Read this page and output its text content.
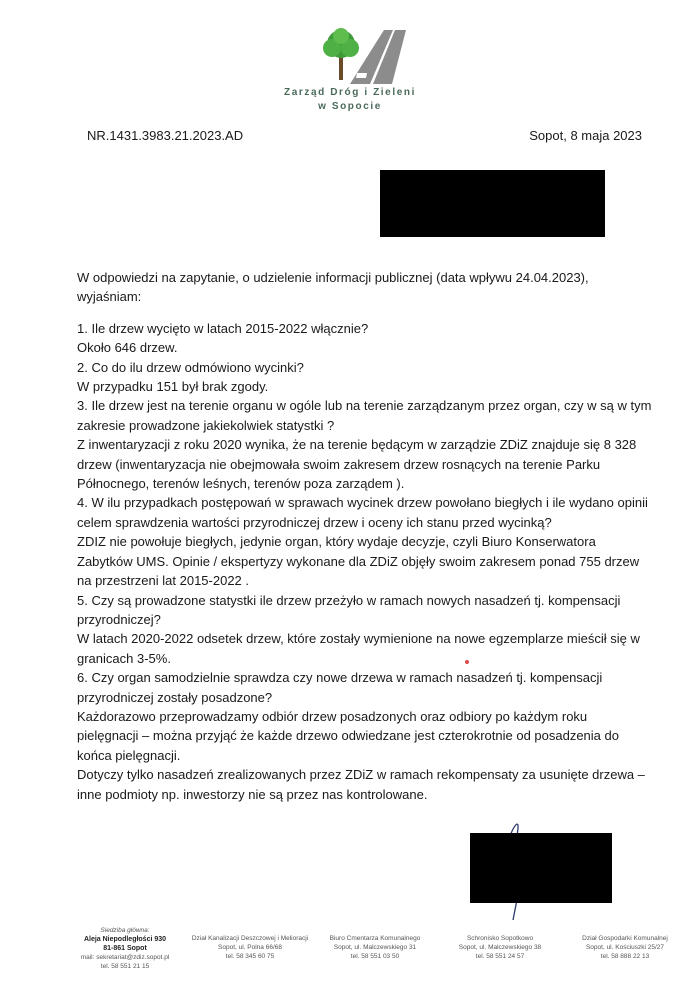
Zarząd Dróg i Zieleni
w Sopocie
NR.1431.3983.21.2023.AD	Sopot, 8 maja 2023

W odpowiedzi na zapytanie, o udzielenie informacji publicznej (data wpływu 24.04.2023), wyjaśniam:

1. Ile drzew wycięto w latach 2015-2022 włącznie?

Około 646 drzew.

2. Co do ilu drzew odmówiono wycinki?

W przypadku 151 był brak zgody.

3. Ile drzew jest na terenie organu w ogóle lub na terenie zarządzanym przez organ, czy w są w tym zakresie prowadzone jakiekolwiek statystki ?

Z inwentaryzacji z roku 2020 wynika, że na terenie będącym w zarządzie ZDiZ znajduje się 8 328 drzew (inwentaryzacja nie obejmowała swoim zakresem drzew rosnących na terenie Parku Północnego, terenów leśnych, terenów poza zarządem ).

4. W ilu przypadkach postępowań w sprawach wycinek drzew powołano biegłych i ile wydano opinii celem sprawdzenia wartości przyrodniczej drzew i oceny ich stanu przed wycinką?

ZDIZ nie powołuje biegłych, jedynie organ, który wydaje decyzje, czyli Biuro Konserwatora Zabytków UMS. Opinie / ekspertyzy wykonane dla ZDiZ objęły swoim zakresem ponad 755 drzew na przestrzeni lat 2015-2022 .

5. Czy są prowadzone statystki ile drzew przeżyło w ramach nowych nasadzeń tj. kompensacji przyrodniczej?

W latach 2020-2022 odsetek drzew, które zostały wymienione na nowe egzemplarze mieścił się w granicach 3-5%.

6. Czy organ samodzielnie sprawdza czy nowe drzewa w ramach nasadzeń tj. kompensacji przyrodniczej zostały posadzone?

Każdorazowo przeprowadzamy odbiór drzew posadzonych oraz odbiory po każdym roku pielęgnacji – można przyjąć że każde drzewo odwiedzane jest czterokrotnie od posadzenia do końca pielęgnacji.

Dotyczy tylko nasadzeń zrealizowanych przez ZDiZ w ramach rekompensaty za usunięte drzewa – inne podmioty np. inwestorzy nie są przez nas kontrolowane.

Siedziba główna:
Aleja Niepodległości 930
81-861 Sopot
mail: sekretariat@zdiz.sopot.pl
tel. 58 551 21 15
Dział Kanalizacji Deszczowej i Melioracji
Sopot, ul. Polna 66/68
tel. 58 345 60 75
Biuro Cmentarza Komunalnego
Sopot, ul. Malczewskiego 31
tel. 58 551 03 50
Schronisko Sopotkowo
Sopot, ul. Malczewskiego 38
tel. 58 551 24 57
Dział Gospodarki Komunalnej
Sopot, ul. Kościuszki 25/27
tel. 58 888 22 13
